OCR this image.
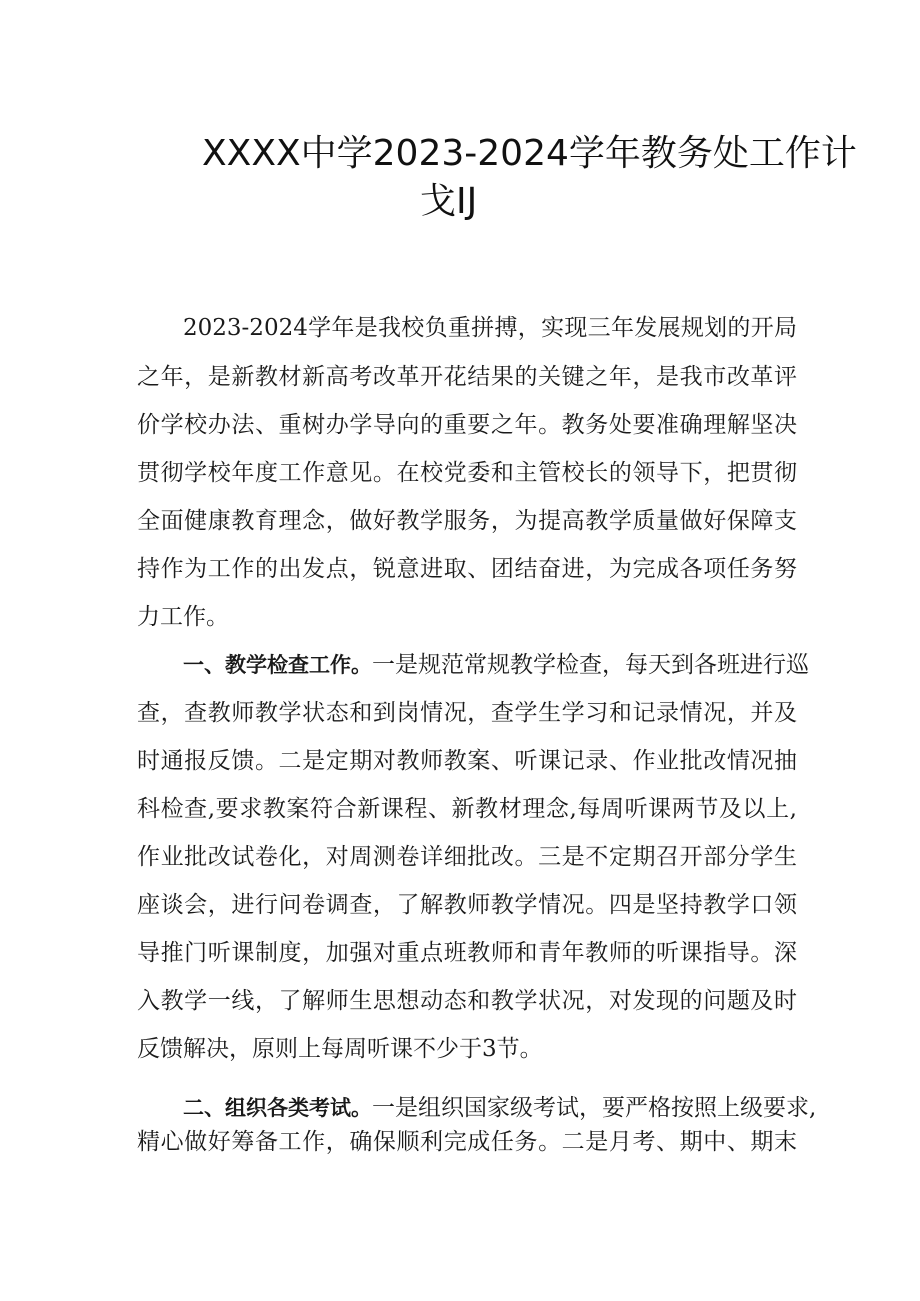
XXXX中学2023-2024学年教务处工作计
戈IJ
2023-2024学年是我校负重拼搏，实现三年发展规划的开局
之年，是新教材新高考改革开花结果的关键之年，是我市改革评
价学校办法、重树办学导向的重要之年。教务处要准确理解坚决
贯彻学校年度工作意见。在校党委和主管校长的领导下，把贯彻
全面健康教育理念，做好教学服务，为提高教学质量做好保障支
持作为工作的出发点，锐意进取、团结奋进，为完成各项任务努
力工作。
一、教学检查工作。一是规范常规教学检查，每天到各班进行巡
查，查教师教学状态和到岗情况，查学生学习和记录情况，并及
时通报反馈。二是定期对教师教案、听课记录、作业批改情况抽
科检查,要求教案符合新课程、新教材理念,每周听课两节及以上,
作业批改试卷化，对周测卷详细批改。三是不定期召开部分学生
座谈会，进行问卷调查，了解教师教学情况。四是坚持教学口领
导推门听课制度，加强对重点班教师和青年教师的听课指导。深
入教学一线，了解师生思想动态和教学状况，对发现的问题及时
反馈解决，原则上每周听课不少于3节。
二、组织各类考试。一是组织国家级考试，要严格按照上级要求,
精心做好筹备工作，确保顺利完成任务。二是月考、期中、期末
